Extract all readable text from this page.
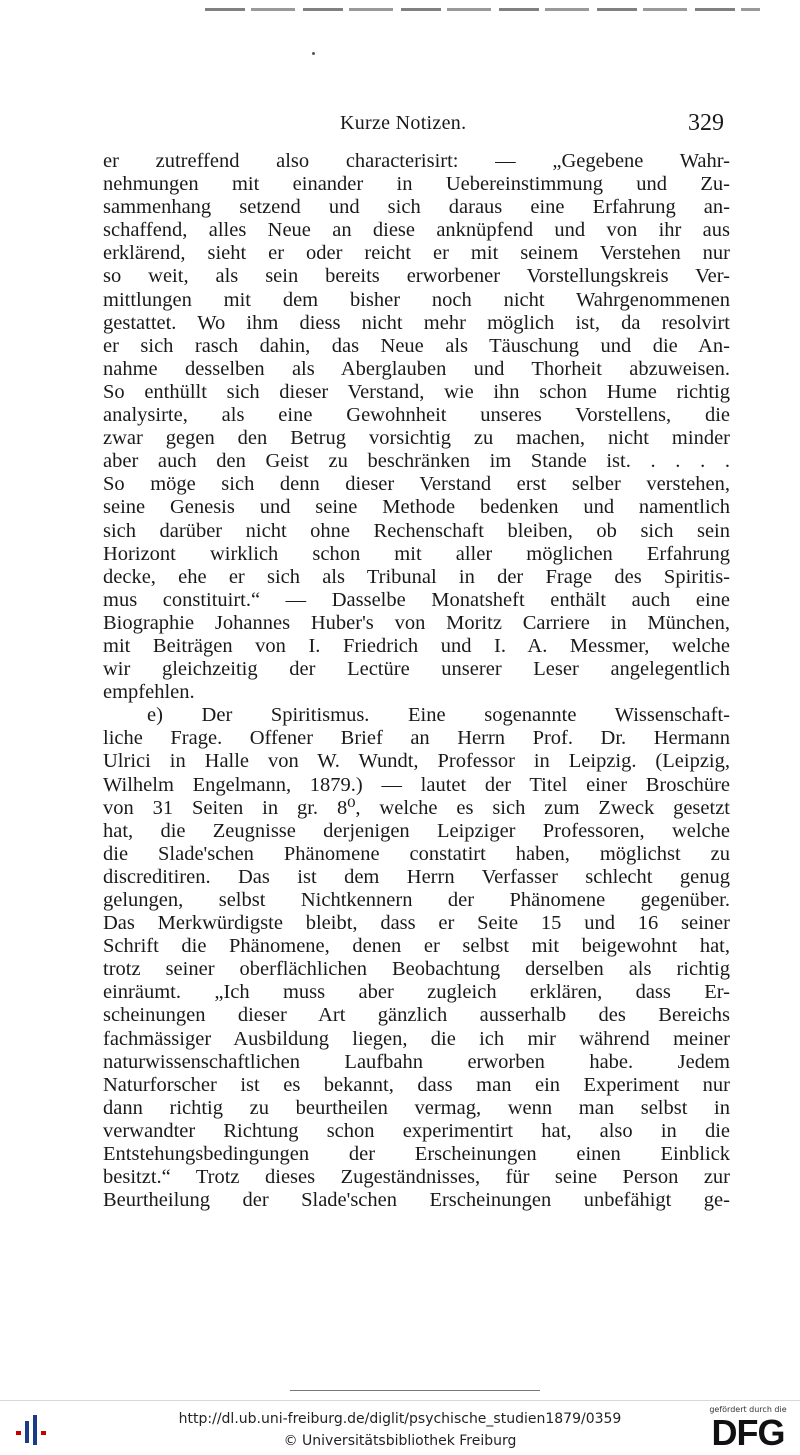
Kurze Notizen.	329
er zutreffend also characterisirt: — „Gegebene Wahr-
nehmungen mit einander in Uebereinstimmung und Zu-
sammenhang setzend und sich daraus eine Erfahrung an-
schaffend, alles Neue an diese anknüpfend und von ihr aus
erklärend, sieht er oder reicht er mit seinem Verstehen nur
so weit, als sein bereits erworbener Vorstellungskreis Ver-
mittlungen mit dem bisher noch nicht Wahrgenommenen
gestattet. Wo ihm diess nicht mehr möglich ist, da resolvirt
er sich rasch dahin, das Neue als Täuschung und die An-
nahme desselben als Aberglauben und Thorheit abzuweisen.
So enthüllt sich dieser Verstand, wie ihn schon Hume richtig
analysirte, als eine Gewohnheit unseres Vorstellens, die
zwar gegen den Betrug vorsichtig zu machen, nicht minder
aber auch den Geist zu beschränken im Stande ist. . . . .
So möge sich denn dieser Verstand erst selber verstehen,
seine Genesis und seine Methode bedenken und namentlich
sich darüber nicht ohne Rechenschaft bleiben, ob sich sein
Horizont wirklich schon mit aller möglichen Erfahrung
decke, ehe er sich als Tribunal in der Frage des Spiritis-
mus constituirt.“ — Dasselbe Monatsheft enthält auch eine
Biographie Johannes Huber's von Moritz Carriere in München,
mit Beiträgen von I. Friedrich und I. A. Messmer, welche
wir gleichzeitig der Lectüre unserer Leser angelegentlich
empfehlen.
e) Der Spiritismus. Eine sogenannte Wissenschaft-
liche Frage. Offener Brief an Herrn Prof. Dr. Hermann
Ulrici in Halle von W. Wundt, Professor in Leipzig. (Leipzig,
Wilhelm Engelmann, 1879.) — lautet der Titel einer Broschüre
von 31 Seiten in gr. 8⁰, welche es sich zum Zweck gesetzt
hat, die Zeugnisse derjenigen Leipziger Professoren, welche
die Slade'schen Phänomene constatirt haben, möglichst zu
discreditiren. Das ist dem Herrn Verfasser schlecht genug
gelungen, selbst Nichtkennern der Phänomene gegenüber.
Das Merkwürdigste bleibt, dass er Seite 15 und 16 seiner
Schrift die Phänomene, denen er selbst mit beigewohnt hat,
trotz seiner oberflächlichen Beobachtung derselben als richtig
einräumt. „Ich muss aber zugleich erklären, dass Er-
scheinungen dieser Art gänzlich ausserhalb des Bereichs
fachmässiger Ausbildung liegen, die ich mir während meiner
naturwissenschaftlichen Laufbahn erworben habe. Jedem
Naturforscher ist es bekannt, dass man ein Experiment nur
dann richtig zu beurtheilen vermag, wenn man selbst in
verwandter Richtung schon experimentirt hat, also in die
Entstehungsbedingungen der Erscheinungen einen Einblick
besitzt.“ Trotz dieses Zugeständnisses, für seine Person zur
Beurtheilung der Slade'schen Erscheinungen unbefähigt ge-
http://dl.ub.uni-freiburg.de/diglit/psychische_studien1879/0359
© Universitätsbibliothek Freiburg
gefördert durch die
DFG
